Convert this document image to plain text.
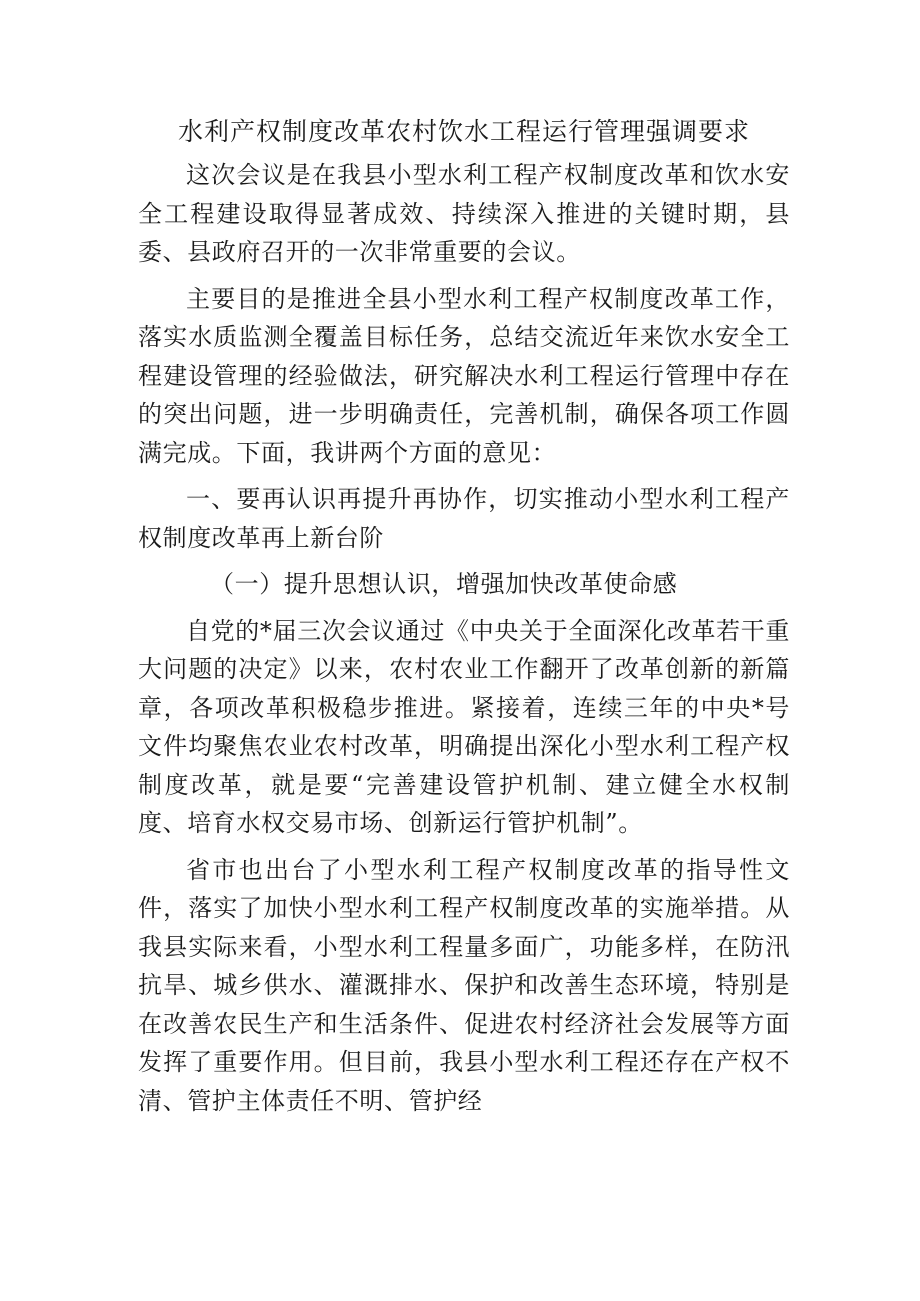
水利产权制度改革农村饮水工程运行管理强调要求

这次会议是在我县小型水利工程产权制度改革和饮水安全工程建设取得显著成效、持续深入推进的关键时期，县委、县政府召开的一次非常重要的会议。

主要目的是推进全县小型水利工程产权制度改革工作，落实水质监测全覆盖目标任务，总结交流近年来饮水安全工程建设管理的经验做法，研究解决水利工程运行管理中存在的突出问题，进一步明确责任，完善机制，确保各项工作圆满完成。下面，我讲两个方面的意见：

一、要再认识再提升再协作，切实推动小型水利工程产权制度改革再上新台阶

（一）提升思想认识，增强加快改革使命感

自党的*届三次会议通过《中央关于全面深化改革若干重大问题的决定》以来，农村农业工作翻开了改革创新的新篇章，各项改革积极稳步推进。紧接着，连续三年的中央*号文件均聚焦农业农村改革，明确提出深化小型水利工程产权制度改革，就是要“完善建设管护机制、建立健全水权制度、培育水权交易市场、创新运行管护机制”。

省市也出台了小型水利工程产权制度改革的指导性文件，落实了加快小型水利工程产权制度改革的实施举措。从我县实际来看，小型水利工程量多面广，功能多样，在防汛抗旱、城乡供水、灌溉排水、保护和改善生态环境，特别是在改善农民生产和生活条件、促进农村经济社会发展等方面发挥了重要作用。但目前，我县小型水利工程还存在产权不清、管护主体责任不明、管护经
